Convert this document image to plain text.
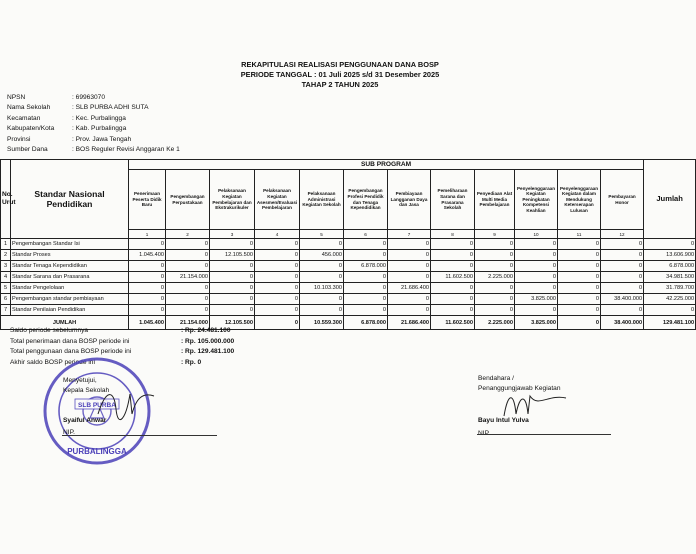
REKAPITULASI REALISASI PENGGUNAAN DANA BOSP
PERIODE TANGGAL : 01 Juli 2025 s/d 31 Desember 2025
TAHAP 2 TAHUN 2025
NPSN	: 69963070
Nama Sekolah	: SLB PURBA ADHI SUTA
Kecamatan	: Kec. Purbalingga
Kabupaten/Kota	: Kab. Purbalingga
Provinsi	: Prov. Jawa Tengah
Sumber Dana	: BOS Reguler Revisi Anggaran Ke 1
No. Urut	Standar Nasional Pendidikan	SUB PROGRAM												Jumlah
		Penerimaan Peserta Didik Baru	Pengembangan Perpustakaan	Pelaksanaan Kegiatan Pembelajaran dan Ekstrakurikuler	Pelaksanaan Kegiatan Asesmen/Evaluasi Pembelajaran	Pelaksanaan Administrasi Kegiatan Sekolah	Pengembangan Profesi Pendidik dan Tenaga Kependidikan	Pembiayaan Langganan Daya dan Jasa	Pemeliharaan Sarana dan Prasarana Sekolah	Penyediaan Alat Multi Media Pembelajaran	Penyelenggaraan Kegiatan Peningkatan Kompetensi Keahlian	Penyelenggaraan Kegiatan dalam Mendukung Keterserapan Lulusan	Pembayaran Honor	
		1	2	3	4	5	6	7	8	9	10	11	12	
1	Pengembangan Standar Isi	0	0	0	0	0	0	0	0	0	0	0	0	0
2	Standar Proses	1.045.400	0	12.105.500	0	456.000	0	0	0	0	0	0	0	13.606.900
3	Standar Tenaga Kependidikan	0	0	0	0	0	6.878.000	0	0	0	0	0	0	6.878.000
4	Standar Sarana dan Prasarana	0	21.154.000	0	0	0	0	0	11.602.500	2.225.000	0	0	0	34.981.500
5	Standar Pengelolaan	0	0	0	0	10.103.300	0	21.686.400	0	0	0	0	0	31.789.700
6	Pengembangan standar pembiayaan	0	0	0	0	0	0	0	0	0	3.825.000	0	38.400.000	42.225.000
7	Standar Penilaian Pendidikan	0	0	0	0	0	0	0	0	0	0	0	0	0
JUMLAH		1.045.400	21.154.000	12.105.500	0	10.559.300	6.878.000	21.686.400	11.602.500	2.225.000	3.825.000	0	38.400.000	129.481.100
Saldo periode sebelumnya	: Rp. 24.481.100
Total penerimaan dana BOSP periode ini	: Rp. 105.000.000
Total penggunaan dana BOSP periode ini	: Rp. 129.481.100
Akhir saldo BOSP periode ini	: Rp. 0
SLB PURBA
PURBALINGGA
Menyetujui,
Kepala Sekolah
Syaiful Anwar
NIP.
Bendahara /
Penanggungjawab Kegiatan
Bayu Intul Yulva
NIP.
